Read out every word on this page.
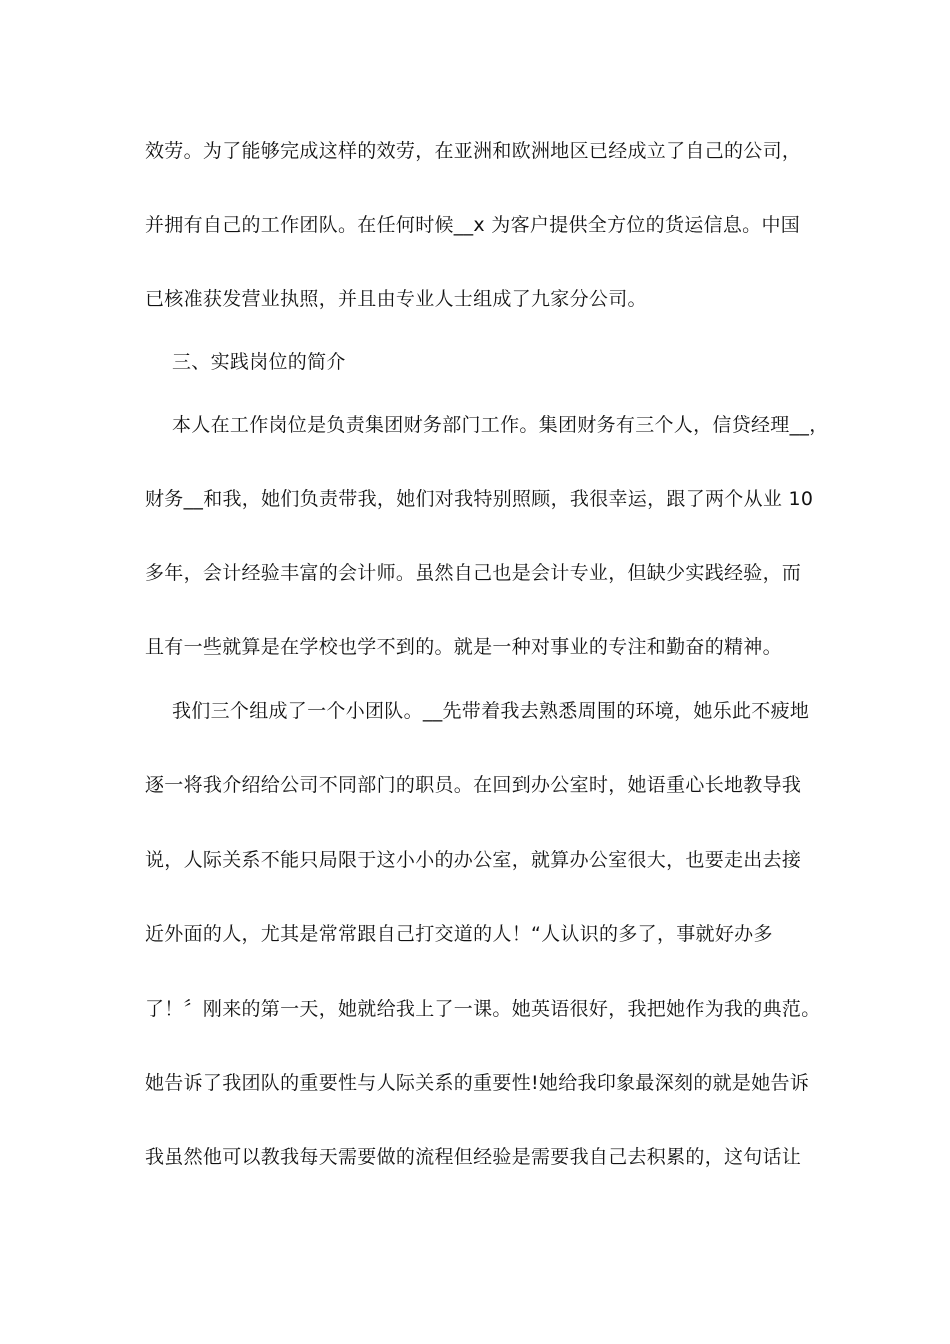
效劳。为了能够完成这样的效劳，在亚洲和欧洲地区已经成立了自己的公司，
并拥有自己的工作团队。在任何时候__x 为客户提供全方位的货运信息。中国
已核准获发营业执照，并且由专业人士组成了九家分公司。
三、实践岗位的简介
本人在工作岗位是负责集团财务部门工作。集团财务有三个人，信贷经理__，
财务__和我，她们负责带我，她们对我特别照顾，我很幸运，跟了两个从业 10
多年，会计经验丰富的会计师。虽然自己也是会计专业，但缺少实践经验，而
且有一些就算是在学校也学不到的。就是一种对事业的专注和勤奋的精神。
我们三个组成了一个小团队。__先带着我去熟悉周围的环境，她乐此不疲地
逐一将我介绍给公司不同部门的职员。在回到办公室时，她语重心长地教导我
说，人际关系不能只局限于这小小的办公室，就算办公室很大，也要走出去接
近外面的人，尤其是常常跟自己打交道的人！“人认识的多了，事就好办多
了！〞刚来的第一天，她就给我上了一课。她英语很好，我把她作为我的典范。
她告诉了我团队的重要性与人际关系的重要性!她给我印象最深刻的就是她告诉
我虽然他可以教我每天需要做的流程但经验是需要我自己去积累的，这句话让
